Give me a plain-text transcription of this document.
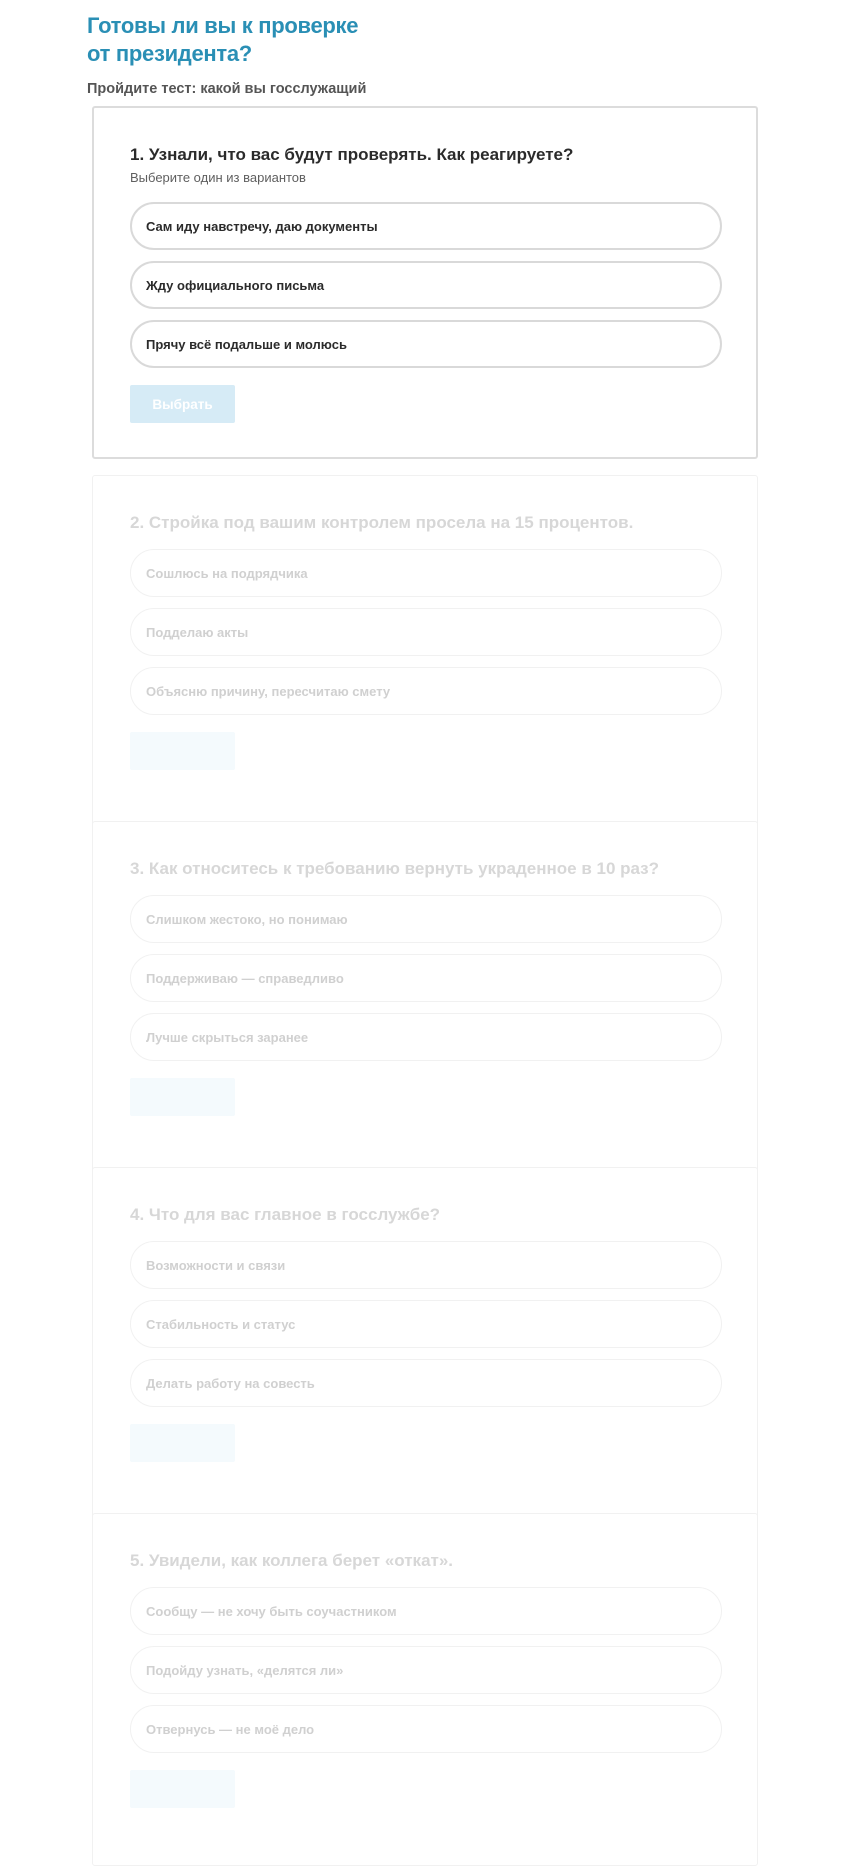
Готовы ли вы к проверке
от президента?

Пройдите тест: какой вы госслужащий

1. Узнали, что вас будут проверять. Как реагируете?

Выберите один из вариантов

Сам иду навстречу, даю документы
Жду официального письма
Прячу всё подальше и молюсь
Выбрать

2. Стройка под вашим контролем просела на 15 процентов.

Сошлюсь на подрядчика
Подделаю акты
Объясню причину, пересчитаю смету
Выбрать

3. Как относитесь к требованию вернуть украденное в 10 раз?

Слишком жестоко, но понимаю
Поддерживаю — справедливо
Лучше скрыться заранее
Выбрать

4. Что для вас главное в госслужбе?

Возможности и связи
Стабильность и статус
Делать работу на совесть
Выбрать

5. Увидели, как коллега берет «откат».

Сообщу — не хочу быть соучастником
Подойду узнать, «делятся ли»
Отвернусь — не моё дело
Выбрать
